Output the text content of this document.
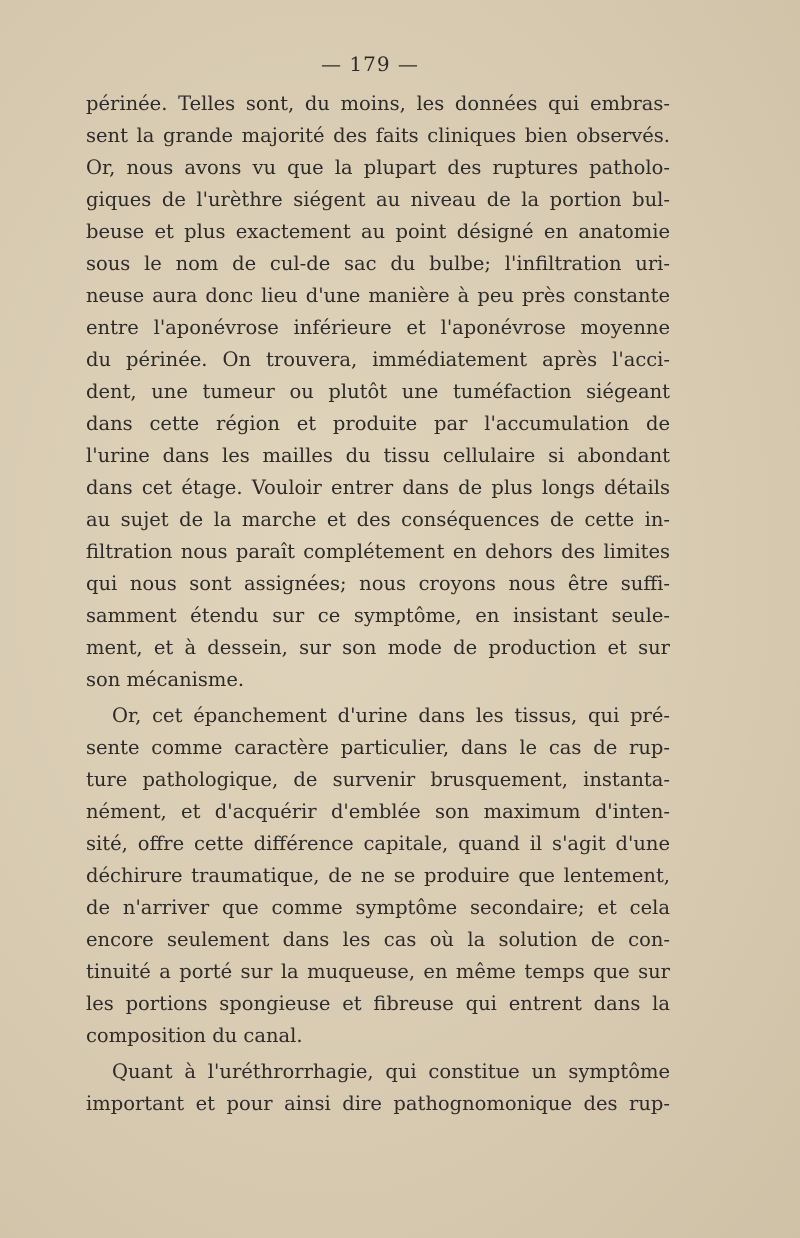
— 179 —
périnée. Telles sont, du moins, les données qui embras-
sent la grande majorité des faits cliniques bien observés.
Or, nous avons vu que la plupart des ruptures patholo-
giques de l'urèthre siégent au niveau de la portion bul-
beuse et plus exactement au point désigné en anatomie
sous le nom de cul-de sac du bulbe; l'infiltration uri-
neuse aura donc lieu d'une manière à peu près constante
entre l'aponévrose inférieure et l'aponévrose moyenne
du périnée. On trouvera, immédiatement après l'acci-
dent, une tumeur ou plutôt une tuméfaction siégeant
dans cette région et produite par l'accumulation de
l'urine dans les mailles du tissu cellulaire si abondant
dans cet étage. Vouloir entrer dans de plus longs détails
au sujet de la marche et des conséquences de cette in-
filtration nous paraît complétement en dehors des limites
qui nous sont assignées; nous croyons nous être suffi-
samment étendu sur ce symptôme, en insistant seule-
ment, et à dessein, sur son mode de production et sur
son mécanisme.
Or, cet épanchement d'urine dans les tissus, qui pré-
sente comme caractère particulier, dans le cas de rup-
ture pathologique, de survenir brusquement, instanta-
nément, et d'acquérir d'emblée son maximum d'inten-
sité, offre cette différence capitale, quand il s'agit d'une
déchirure traumatique, de ne se produire que lentement,
de n'arriver que comme symptôme secondaire; et cela
encore seulement dans les cas où la solution de con-
tinuité a porté sur la muqueuse, en même temps que sur
les portions spongieuse et fibreuse qui entrent dans la
composition du canal.
Quant à l'uréthrorrhagie, qui constitue un symptôme
important et pour ainsi dire pathognomonique des rup-
